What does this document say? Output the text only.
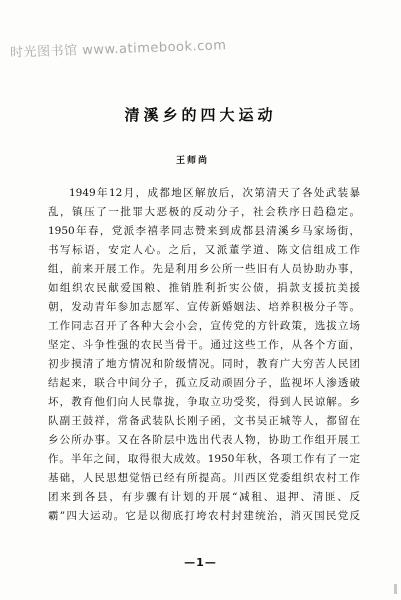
时光图书馆 www.atimebook.com
清溪乡的四大运动
王师尚
1949年12月，成都地区解放后，次第清天了各处武装暴
乱，镇压了一批罪大恶极的反动分子，社会秩序日趋稳定。
1950年春，党派李禧孝同志赞来到成都县清溪乡马家场街，
书写标语，安定人心。之后，又派董学道、陈文信组成工作
组，前来开展工作。先是利用乡公所一些旧有人员协助办事，
如组织农民献爱国粮、推销胜利折实公债，捐款支援抗美援
朝，发动青年参加志愿军、宣传新婚姻法、培养积极分子等。
工作同志召开了各种大会小会，宣传党的方针政策，选拔立场
坚定、斗争性强的农民当骨干。通过这些工作，从各个方面，
初步摸清了地方情况和阶级情况。同时，教育广大穷苦人民团
结起来，联合中间分子，孤立反动顽固分子，监视坏人渗透破
坏，教育他们向人民靠拢，争取立功受奖，得到人民谅解。乡
队副王鼓祥，常备武装队长刚子函，文书吴正城等人，都留在
乡公所办事。又在各阶层中选出代表人物，协助工作组开展工
作。半年之间，取得很大成效。1950年秋，各项工作有了一定
基础，人民思想觉悟已经有所提高。川西区党委组织农村工作
团来到各县，有步骤有计划的开展“减租、退押、清匪、反
霸”四大运动。它是以彻底打垮农村封建统治，消灭国民党反
—1—
